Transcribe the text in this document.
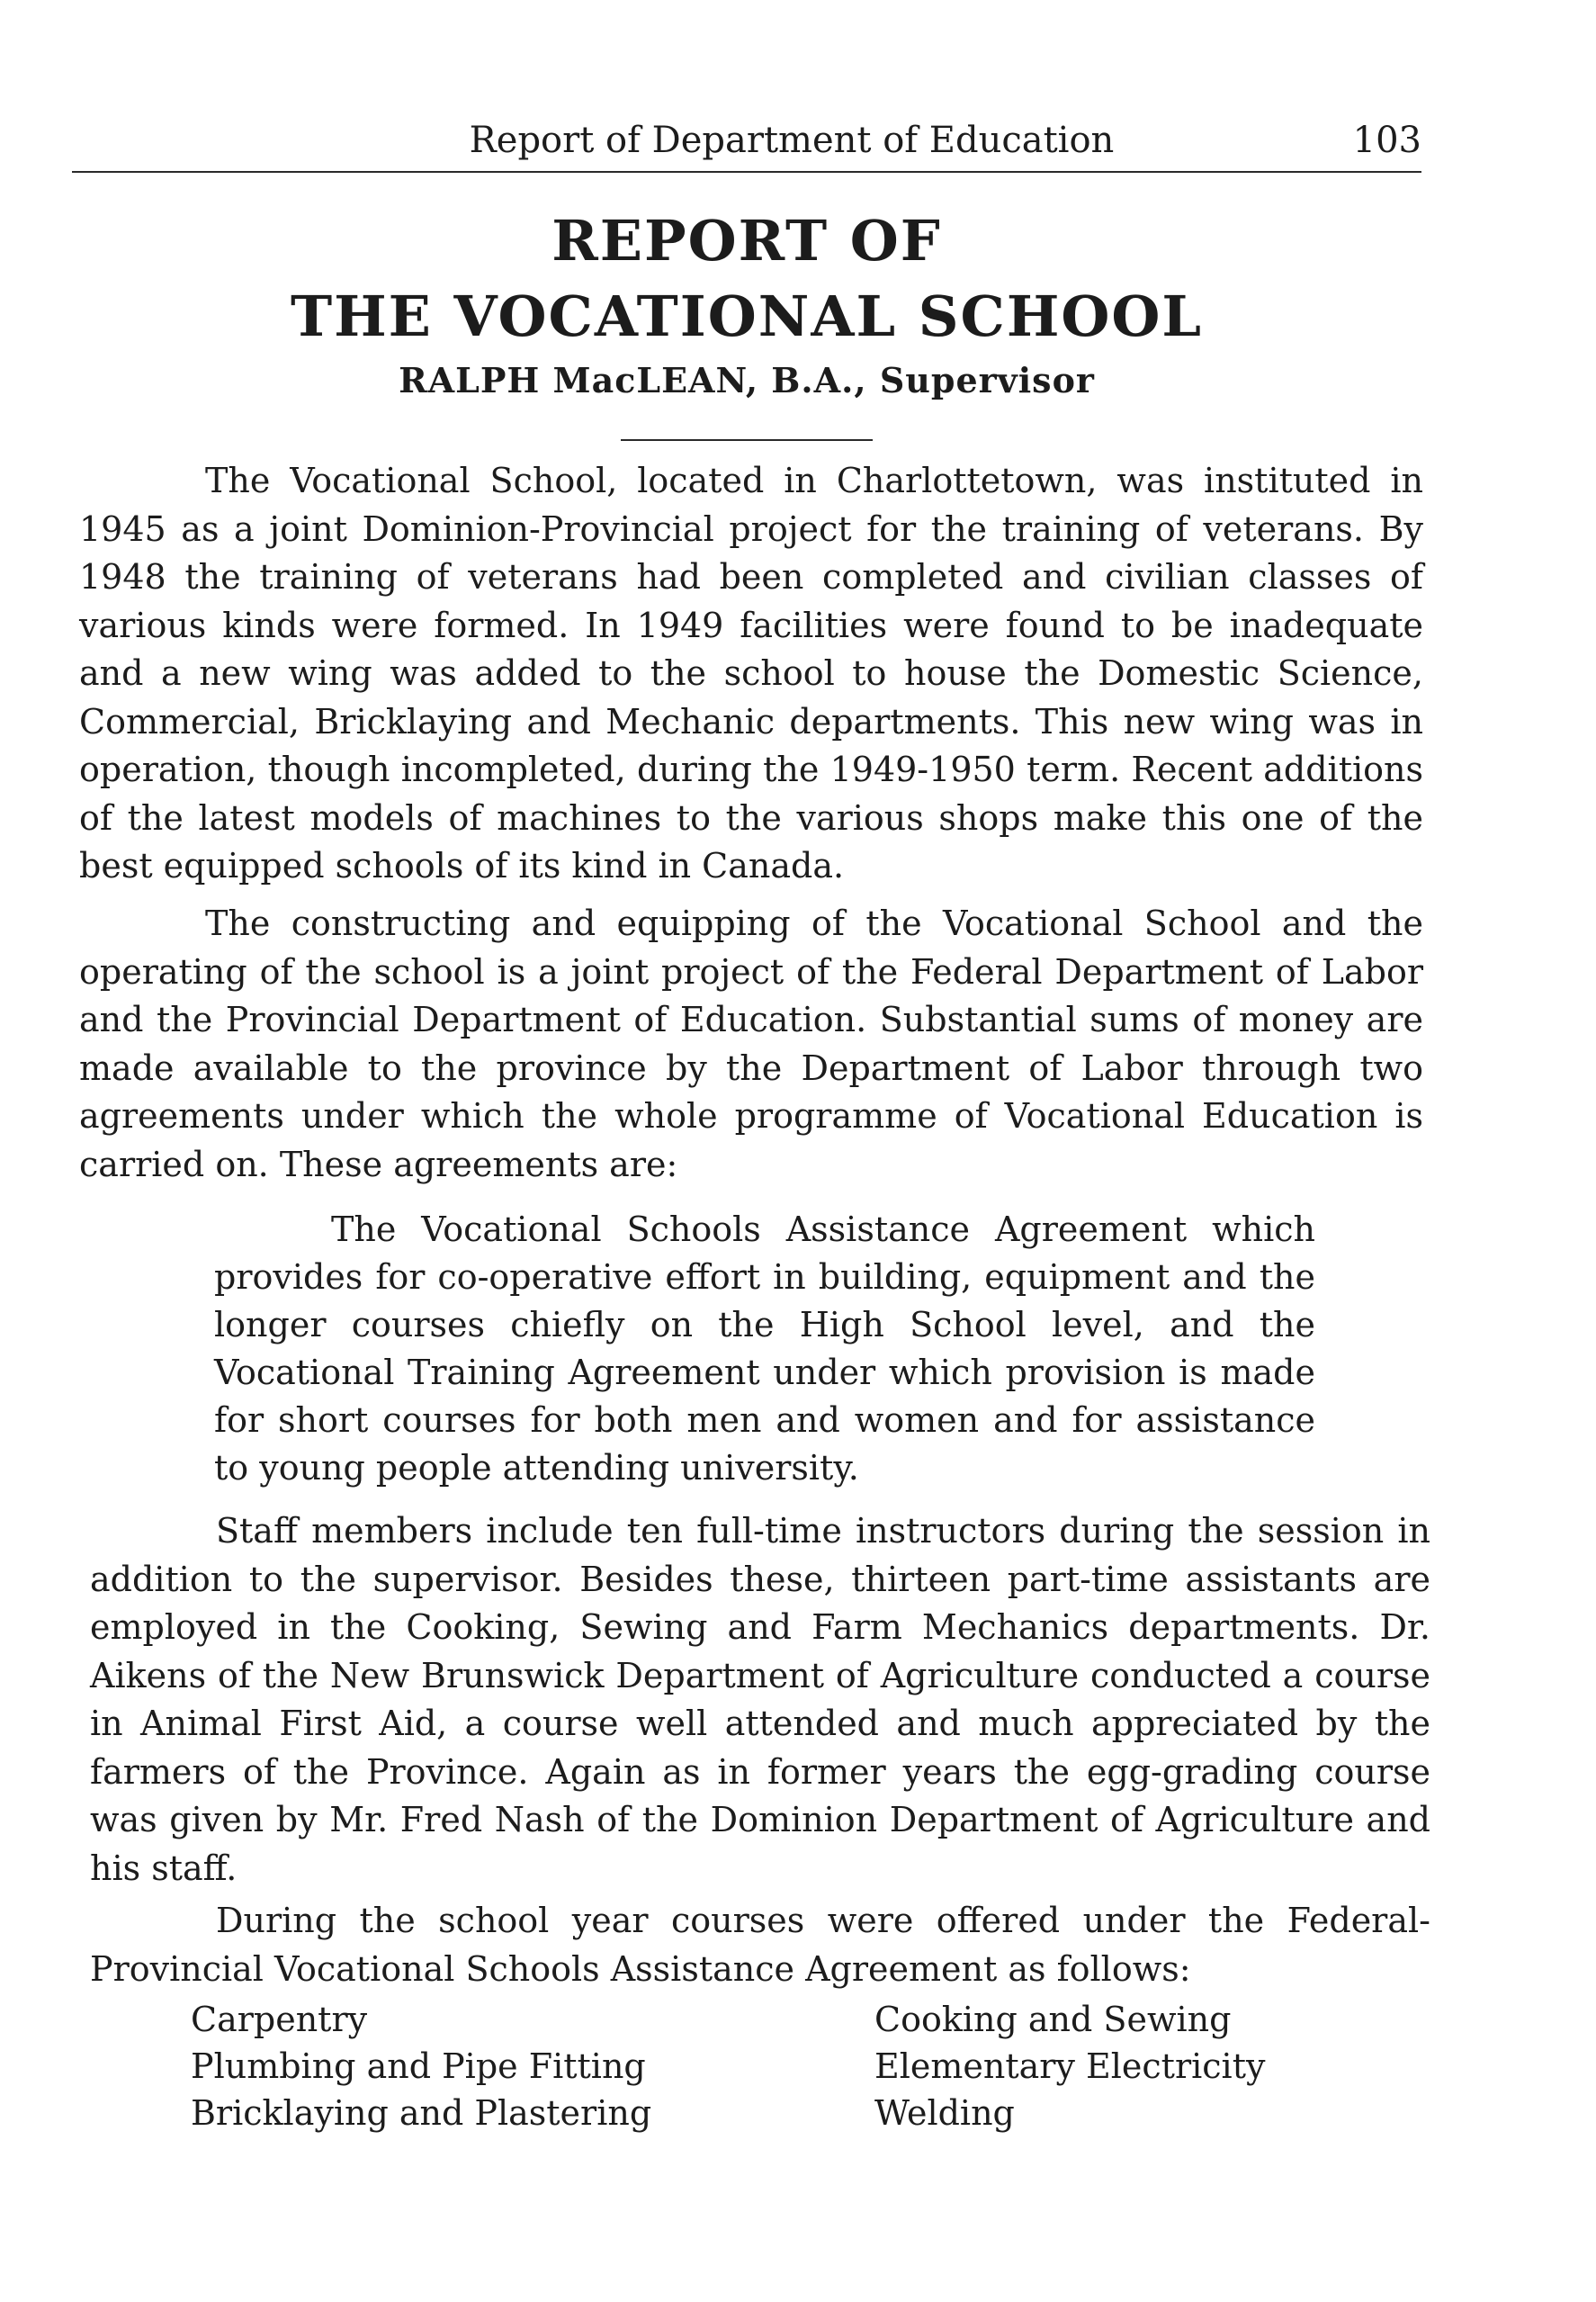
Report of Department of Education	103
REPORT OF
THE VOCATIONAL SCHOOL
RALPH MacLEAN, B.A., Supervisor

The Vocational School, located in Charlottetown, was instituted in 1945 as a joint Dominion-Provincial project for the training of veterans. By 1948 the training of veterans had been completed and civilian classes of various kinds were formed. In 1949 facilities were found to be inadequate and a new wing was added to the school to house the Domestic Science, Commercial, Bricklaying and Mechanic departments. This new wing was in operation, though incompleted, during the 1949-1950 term. Recent additions of the latest models of machines to the various shops make this one of the best equipped schools of its kind in Canada.

The constructing and equipping of the Vocational School and the operating of the school is a joint project of the Federal Department of Labor and the Provincial Department of Education. Substantial sums of money are made available to the province by the Department of Labor through two agreements under which the whole programme of Vocational Education is carried on. These agreements are:

The Vocational Schools Assistance Agreement which provides for co-operative effort in building, equipment and the longer courses chiefly on the High School level, and the Vocational Training Agreement under which provision is made for short courses for both men and women and for assistance to young people attending university.

Staff members include ten full-time instructors during the session in addition to the supervisor. Besides these, thirteen part-time assistants are employed in the Cooking, Sewing and Farm Mechanics departments. Dr. Aikens of the New Brunswick Department of Agriculture conducted a course in Animal First Aid, a course well attended and much appreciated by the farmers of the Province. Again as in former years the egg-grading course was given by Mr. Fred Nash of the Dominion Department of Agriculture and his staff.

During the school year courses were offered under the Federal-Provincial Vocational Schools Assistance Agreement as follows:

Carpentry
Plumbing and Pipe Fitting
Bricklaying and Plastering
Cooking and Sewing
Elementary Electricity
Welding
